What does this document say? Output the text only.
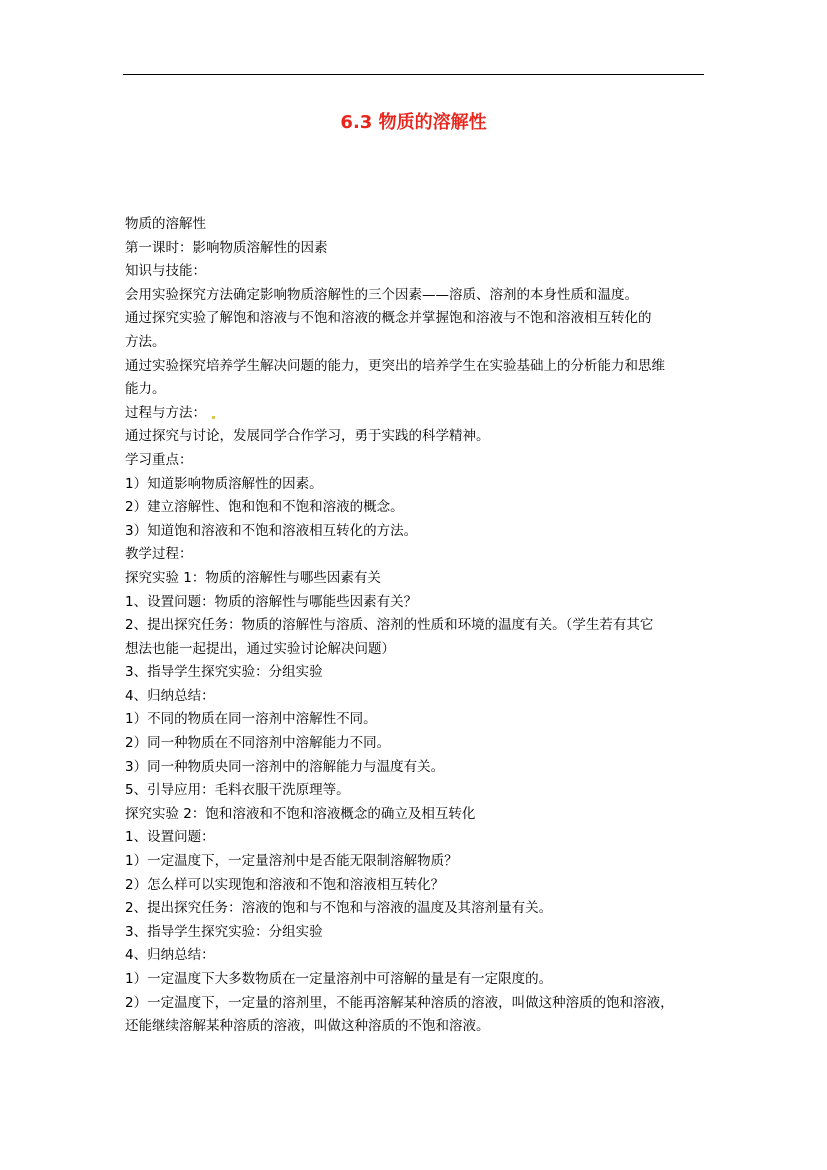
6.3 物质的溶解性
物质的溶解性
第一课时：影响物质溶解性的因素
知识与技能：
会用实验探究方法确定影响物质溶解性的三个因素——溶质、溶剂的本身性质和温度。
通过探究实验了解饱和溶液与不饱和溶液的概念并掌握饱和溶液与不饱和溶液相互转化的
方法。
通过实验探究培养学生解决问题的能力，更突出的培养学生在实验基础上的分析能力和思维
能力。
过程与方法：
通过探究与讨论，发展同学合作学习，勇于实践的科学精神。
学习重点：
1）知道影响物质溶解性的因素。
2）建立溶解性、饱和饱和不饱和溶液的概念。
3）知道饱和溶液和不饱和溶液相互转化的方法。
教学过程：
探究实验 1：物质的溶解性与哪些因素有关
1、设置问题：物质的溶解性与哪能些因素有关？
2、提出探究任务：物质的溶解性与溶质、溶剂的性质和环境的温度有关。（学生若有其它
想法也能一起提出，通过实验讨论解决问题）
3、指导学生探究实验：分组实验
4、归纳总结：
1）不同的物质在同一溶剂中溶解性不同。
2）同一种物质在不同溶剂中溶解能力不同。
3）同一种物质央同一溶剂中的溶解能力与温度有关。
5、引导应用：毛料衣服干洗原理等。
探究实验 2：饱和溶液和不饱和溶液概念的确立及相互转化
1、设置问题：
1）一定温度下，一定量溶剂中是否能无限制溶解物质？
2）怎么样可以实现饱和溶液和不饱和溶液相互转化？
2、提出探究任务：溶液的饱和与不饱和与溶液的温度及其溶剂量有关。
3、指导学生探究实验：分组实验
4、归纳总结：
1）一定温度下大多数物质在一定量溶剂中可溶解的量是有一定限度的。
2）一定温度下，一定量的溶剂里，不能再溶解某种溶质的溶液，叫做这种溶质的饱和溶液，
还能继续溶解某种溶质的溶液，叫做这种溶质的不饱和溶液。
